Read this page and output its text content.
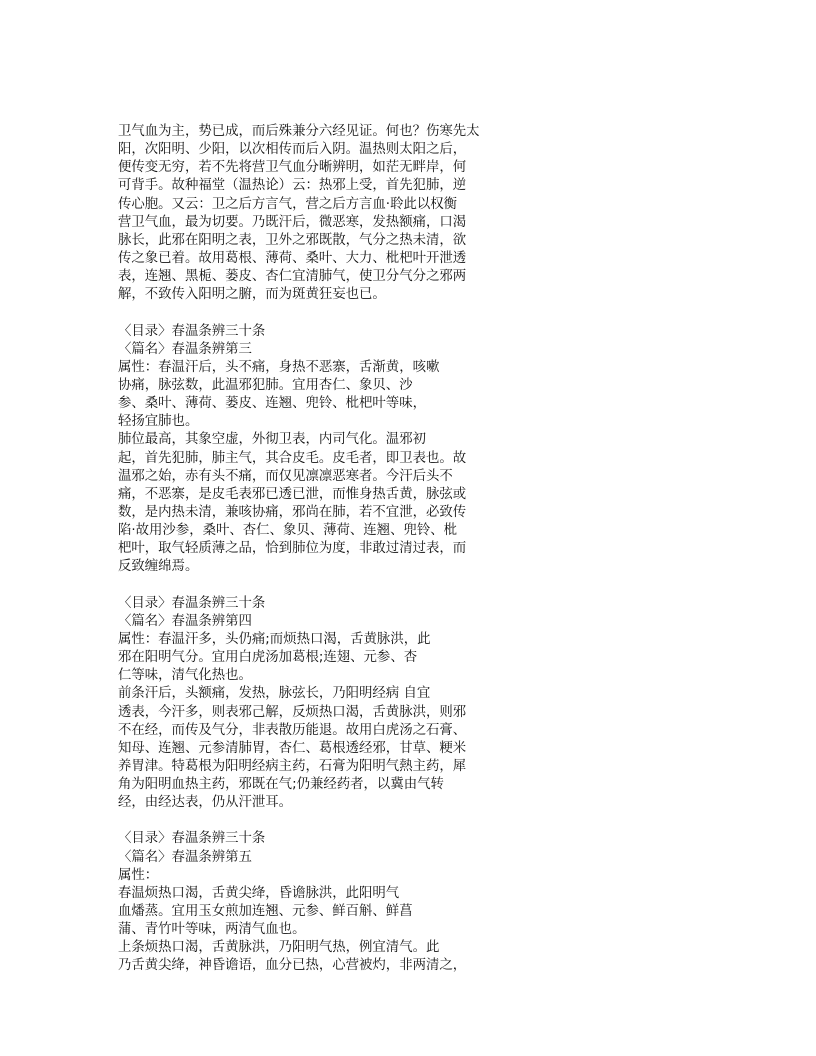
卫气血为主，势已成，而后殊兼分六经见证。何也？伤寒先太
阳，次阳明、少阳，以次相传而后入阴。温热则太阳之后，
便传变无穷，若不先将营卫气血分晰辨明，如茫无畔岸，何
可背手。故种福堂（温热论）云：热邪上受，首先犯肺，逆
传心胞。又云：卫之后方言气，营之后方言血·聆此以权衡
营卫气血，最为切要。乃既汗后，微恶寒，发热额痛，口渴
脉长，此邪在阳明之表，卫外之邪既散，气分之热未清，欲
传之象已着。故用葛根、薄荷、桑叶、大力、枇杷叶开泄透
表，连翘、黑栀、蒌皮、杏仁宜清肺气，使卫分气分之邪两
解，不致传入阳明之腑，而为斑黄狂妄也已。
〈目录〉春温条辨三十条
〈篇名〉春温条辨第三
属性：春温汗后，头不痛，身热不恶寨，舌渐黄，咳嗽
协痛，脉弦数，此温邪犯肺。宜用杏仁、象贝、沙
参、桑叶、薄荷、蒌皮、连翘、兜铃、枇杷叶等味，
轻扬宜肺也。
肺位最高，其象空虚，外彻卫表，内司气化。温邪初
起，首先犯肺，肺主气，其合皮毛。皮毛者，即卫表也。故
温邪之始，赤有头不痛，而仅见凛凛恶寒者。今汗后头不
痛，不恶寨，是皮毛表邪已透已泄，而惟身热舌黄，脉弦或
数，是内热未清，兼咳协痛，邪尚在肺，若不宜泄，必致传
陷·故用沙参，桑叶、杏仁、象贝、薄荷、连翘、兜铃、枇
杷叶，取气轻质薄之品，恰到肺位为度，非敢过清过表，而
反致缠绵焉。
〈目录〉春温条辨三十条
〈篇名〉春温条辨第四
属性：春温汗多，头仍痛;而烦热口渴，舌黄脉洪，此
邪在阳明气分。宜用白虎汤加葛根;连翅、元参、杏
仁等味，清气化热也。
前条汗后，头额痛，发热，脉弦长，乃阳明经病 自宜
透表，今汗多，则表邪己解，反烦热口渴，舌黄脉洪，则邪
不在经，而传及气分，非表散历能退。故用白虎汤之石膏、
知母、连翘、元参清肺胃，杏仁、葛根透经邪，甘草、粳米
养胃津。特葛根为阳明经病主药，石膏为阳明气熱主药，犀
角为阳明血热主药，邪既在气;仍兼经药者，以冀由气转
经，由经达表，仍从汗泄耳。
〈目录〉春温条辨三十条
〈篇名〉春温条辨第五
属性：
春温烦热口渴，舌黄尖绛，昏谵脉洪，此阳明气
血燔蒸。宜用玉女煎加连翘、元参、鲜百斛、鲜菖
蒲、青竹叶等味，两清气血也。
上条烦热口渴，舌黄脉洪，乃阳明气热，例宜清气。此
乃舌黄尖绛，神昏谵语，血分已热，心营被灼，非两清之，
